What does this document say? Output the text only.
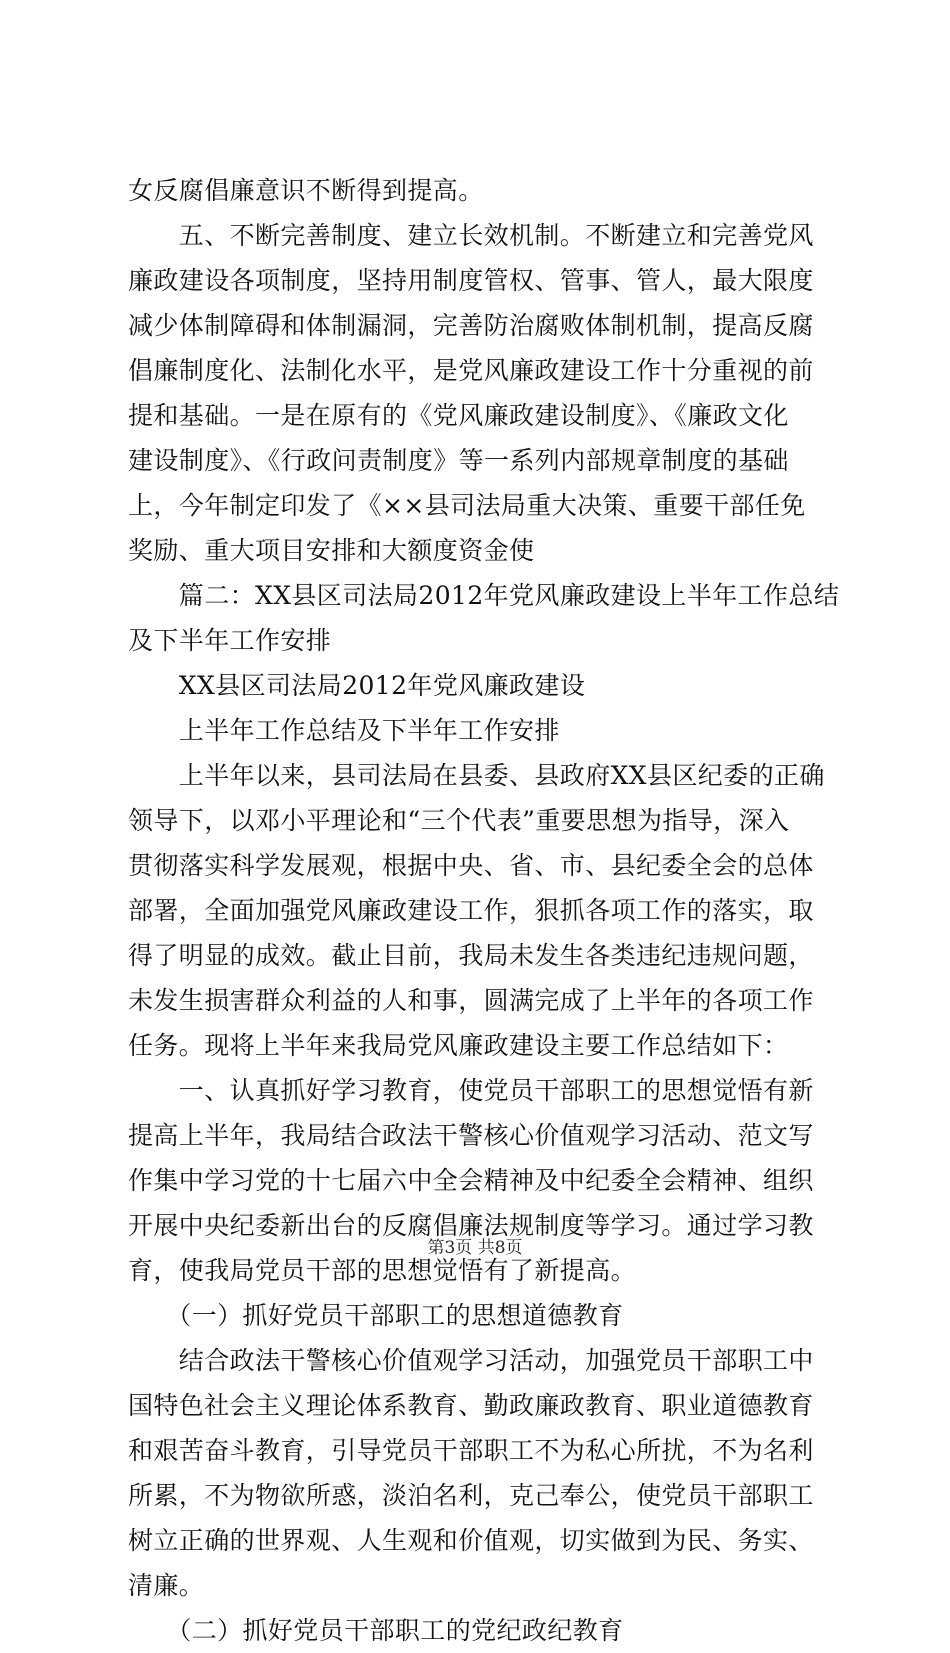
女反腐倡廉意识不断得到提高。
　　五、不断完善制度、建立长效机制。不断建立和完善党风
廉政建设各项制度，坚持用制度管权、管事、管人，最大限度
减少体制障碍和体制漏洞，完善防治腐败体制机制，提高反腐
倡廉制度化、法制化水平，是党风廉政建设工作十分重视的前
提和基础。一是在原有的《党风廉政建设制度》、《廉政文化
建设制度》、《行政问责制度》等一系列内部规章制度的基础
上，今年制定印发了《××县司法局重大决策、重要干部任免
奖励、重大项目安排和大额度资金使
　　篇二：XX县区司法局2012年党风廉政建设上半年工作总结
及下半年工作安排
　　XX县区司法局2012年党风廉政建设
　　上半年工作总结及下半年工作安排
　　上半年以来，县司法局在县委、县政府XX县区纪委的正确
领导下，以邓小平理论和“三个代表”重要思想为指导，深入
贯彻落实科学发展观，根据中央、省、市、县纪委全会的总体
部署，全面加强党风廉政建设工作，狠抓各项工作的落实，取
得了明显的成效。截止目前，我局未发生各类违纪违规问题，
未发生损害群众利益的人和事，圆满完成了上半年的各项工作
任务。现将上半年来我局党风廉政建设主要工作总结如下：
　　一、认真抓好学习教育，使党员干部职工的思想觉悟有新
提高上半年，我局结合政法干警核心价值观学习活动、范文写
作集中学习党的十七届六中全会精神及中纪委全会精神、组织
开展中央纪委新出台的反腐倡廉法规制度等学习。通过学习教
育，使我局党员干部的思想觉悟有了新提高。
　　（一）抓好党员干部职工的思想道德教育
　　结合政法干警核心价值观学习活动，加强党员干部职工中
国特色社会主义理论体系教育、勤政廉政教育、职业道德教育
和艰苦奋斗教育，引导党员干部职工不为私心所扰，不为名利
所累，不为物欲所惑，淡泊名利，克己奉公，使党员干部职工
树立正确的世界观、人生观和价值观，切实做到为民、务实、
清廉。
　　（二）抓好党员干部职工的党纪政纪教育
第3页 共8页
